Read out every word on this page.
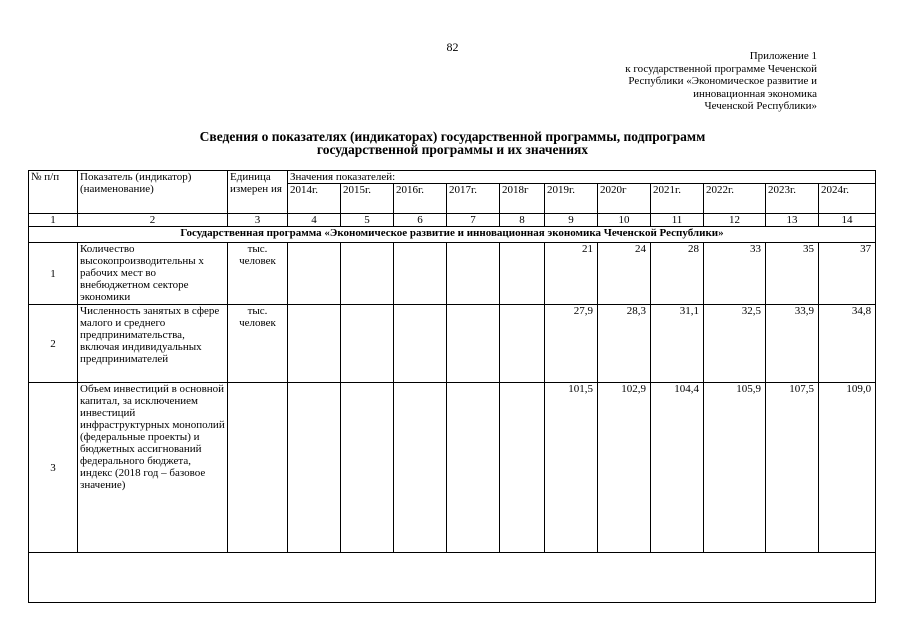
82
Приложение 1
к государственной программе Чеченской
Республики «Экономическое развитие и
инновационная экономика
Чеченской Республики»
Сведения о показателях (индикаторах) государственной программы, подпрограмм
государственной программы и их значениях
№ п/п	Показатель (индикатор) (наименование)	Единица измерен ия	Значения показателей:										
			2014г.	2015г.	2016г.	2017г.	2018г	2019г.	2020г	2021г.	2022г.	2023г.	2024г.
1	2	3	4	5	6	7	8	9	10	11	12	13	14
Государственная программа «Экономическое развитие и инновационная экономика Чеченской Республики»													
1	Количество высокопроизводительны х рабочих мест во внебюджетном секторе экономики	тыс. человек						21	24	28	33	35	37
2	Численность занятых в сфере малого и среднего предпринимательства, включая индивидуальных предпринимателей	тыс. человек						27,9	28,3	31,1	32,5	33,9	34,8
3	Объем инвестиций в основной капитал, за исключением инвестиций инфраструктурных монополий (федеральные проекты) и бюджетных ассигнований федерального бюджета, индекс (2018 год – базовое значение)							101,5	102,9	104,4	105,9	107,5	109,0
